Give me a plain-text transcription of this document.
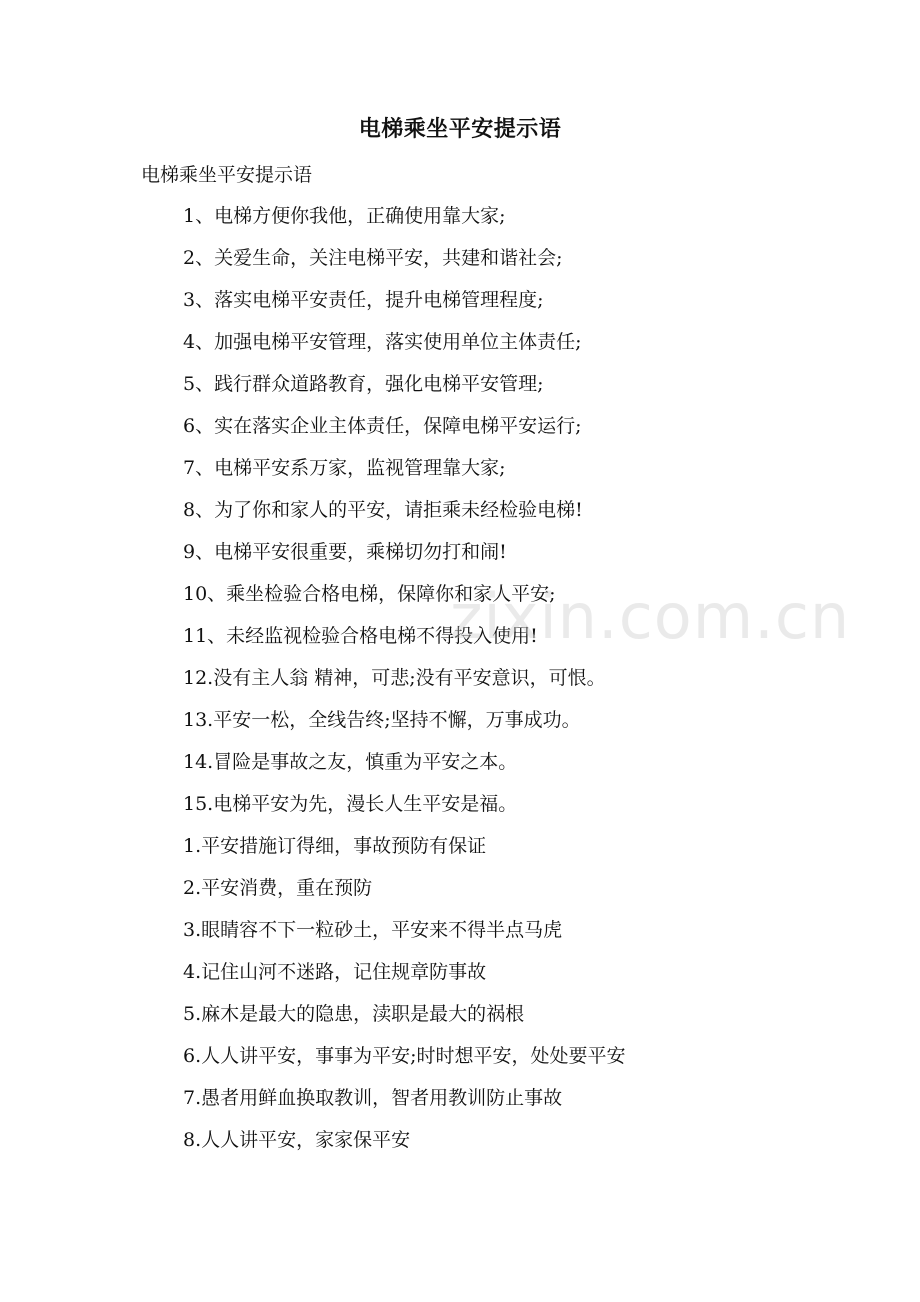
电梯乘坐平安提示语
电梯乘坐平安提示语
1、电梯方便你我他，正确使用靠大家;
2、关爱生命，关注电梯平安，共建和谐社会;
3、落实电梯平安责任，提升电梯管理程度;
4、加强电梯平安管理，落实使用单位主体责任;
5、践行群众道路教育，强化电梯平安管理;
6、实在落实企业主体责任，保障电梯平安运行;
7、电梯平安系万家，监视管理靠大家;
8、为了你和家人的平安，请拒乘未经检验电梯!
9、电梯平安很重要，乘梯切勿打和闹!
10、乘坐检验合格电梯，保障你和家人平安;
11、未经监视检验合格电梯不得投入使用!
12.没有主人翁 精神，可悲;没有平安意识，可恨。
13.平安一松，全线告终;坚持不懈，万事成功。
14.冒险是事故之友，慎重为平安之本。
15.电梯平安为先，漫长人生平安是福。
1.平安措施订得细，事故预防有保证
2.平安消费，重在预防
3.眼睛容不下一粒砂土，平安来不得半点马虎
4.记住山河不迷路，记住规章防事故
5.麻木是最大的隐患，渎职是最大的祸根
6.人人讲平安，事事为平安;时时想平安，处处要平安
7.愚者用鲜血换取教训，智者用教训防止事故
8.人人讲平安，家家保平安
zixin.com.cn
